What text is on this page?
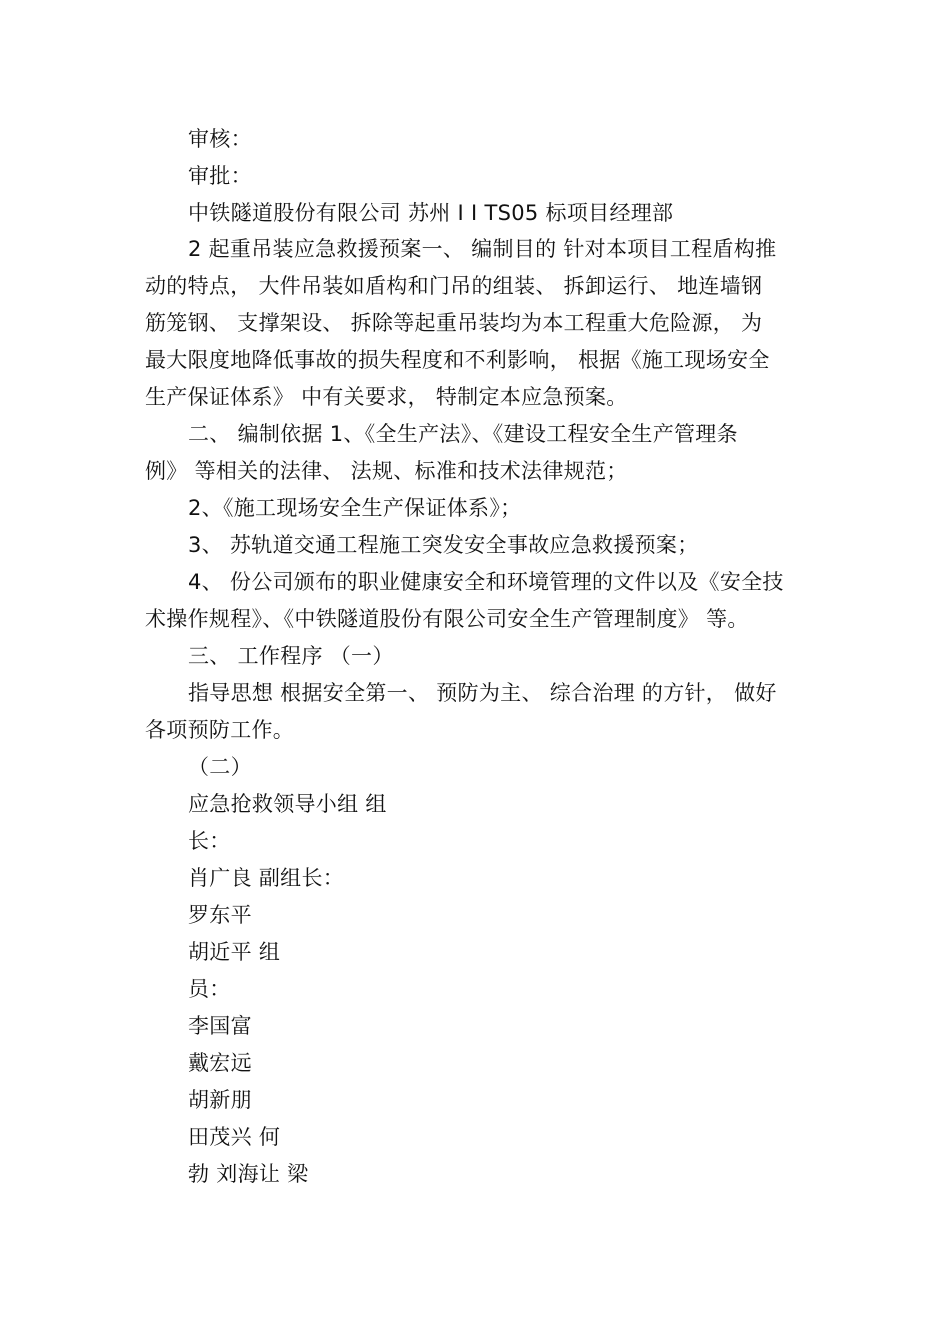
审核：
审批：
中铁隧道股份有限公司 苏州 I I TS05 标项目经理部
2 起重吊装应急救援预案一、 编制目的 针对本项目工程盾构推
动的特点， 大件吊装如盾构和门吊的组装、 拆卸运行、 地连墙钢
筋笼钢、 支撑架设、 拆除等起重吊装均为本工程重大危险源， 为
最大限度地降低事故的损失程度和不利影响， 根据《施工现场安全
生产保证体系》 中有关要求， 特制定本应急预案。
二、 编制依据 1、《全生产法》、《建设工程安全生产管理条
例》 等相关的法律、 法规、标准和技术法律规范；
2、《施工现场安全生产保证体系》；
3、 苏轨道交通工程施工突发安全事故应急救援预案；
4、 份公司颁布的职业健康安全和环境管理的文件以及《安全技
术操作规程》、《中铁隧道股份有限公司安全生产管理制度》 等。
三、 工作程序 （一）
指导思想 根据安全第一、 预防为主、 综合治理 的方针， 做好
各项预防工作。
（二）
应急抢救领导小组 组
长：
肖广良 副组长：
罗东平
胡近平 组
员：
李国富
戴宏远
胡新朋
田茂兴 何
勃 刘海让 梁
